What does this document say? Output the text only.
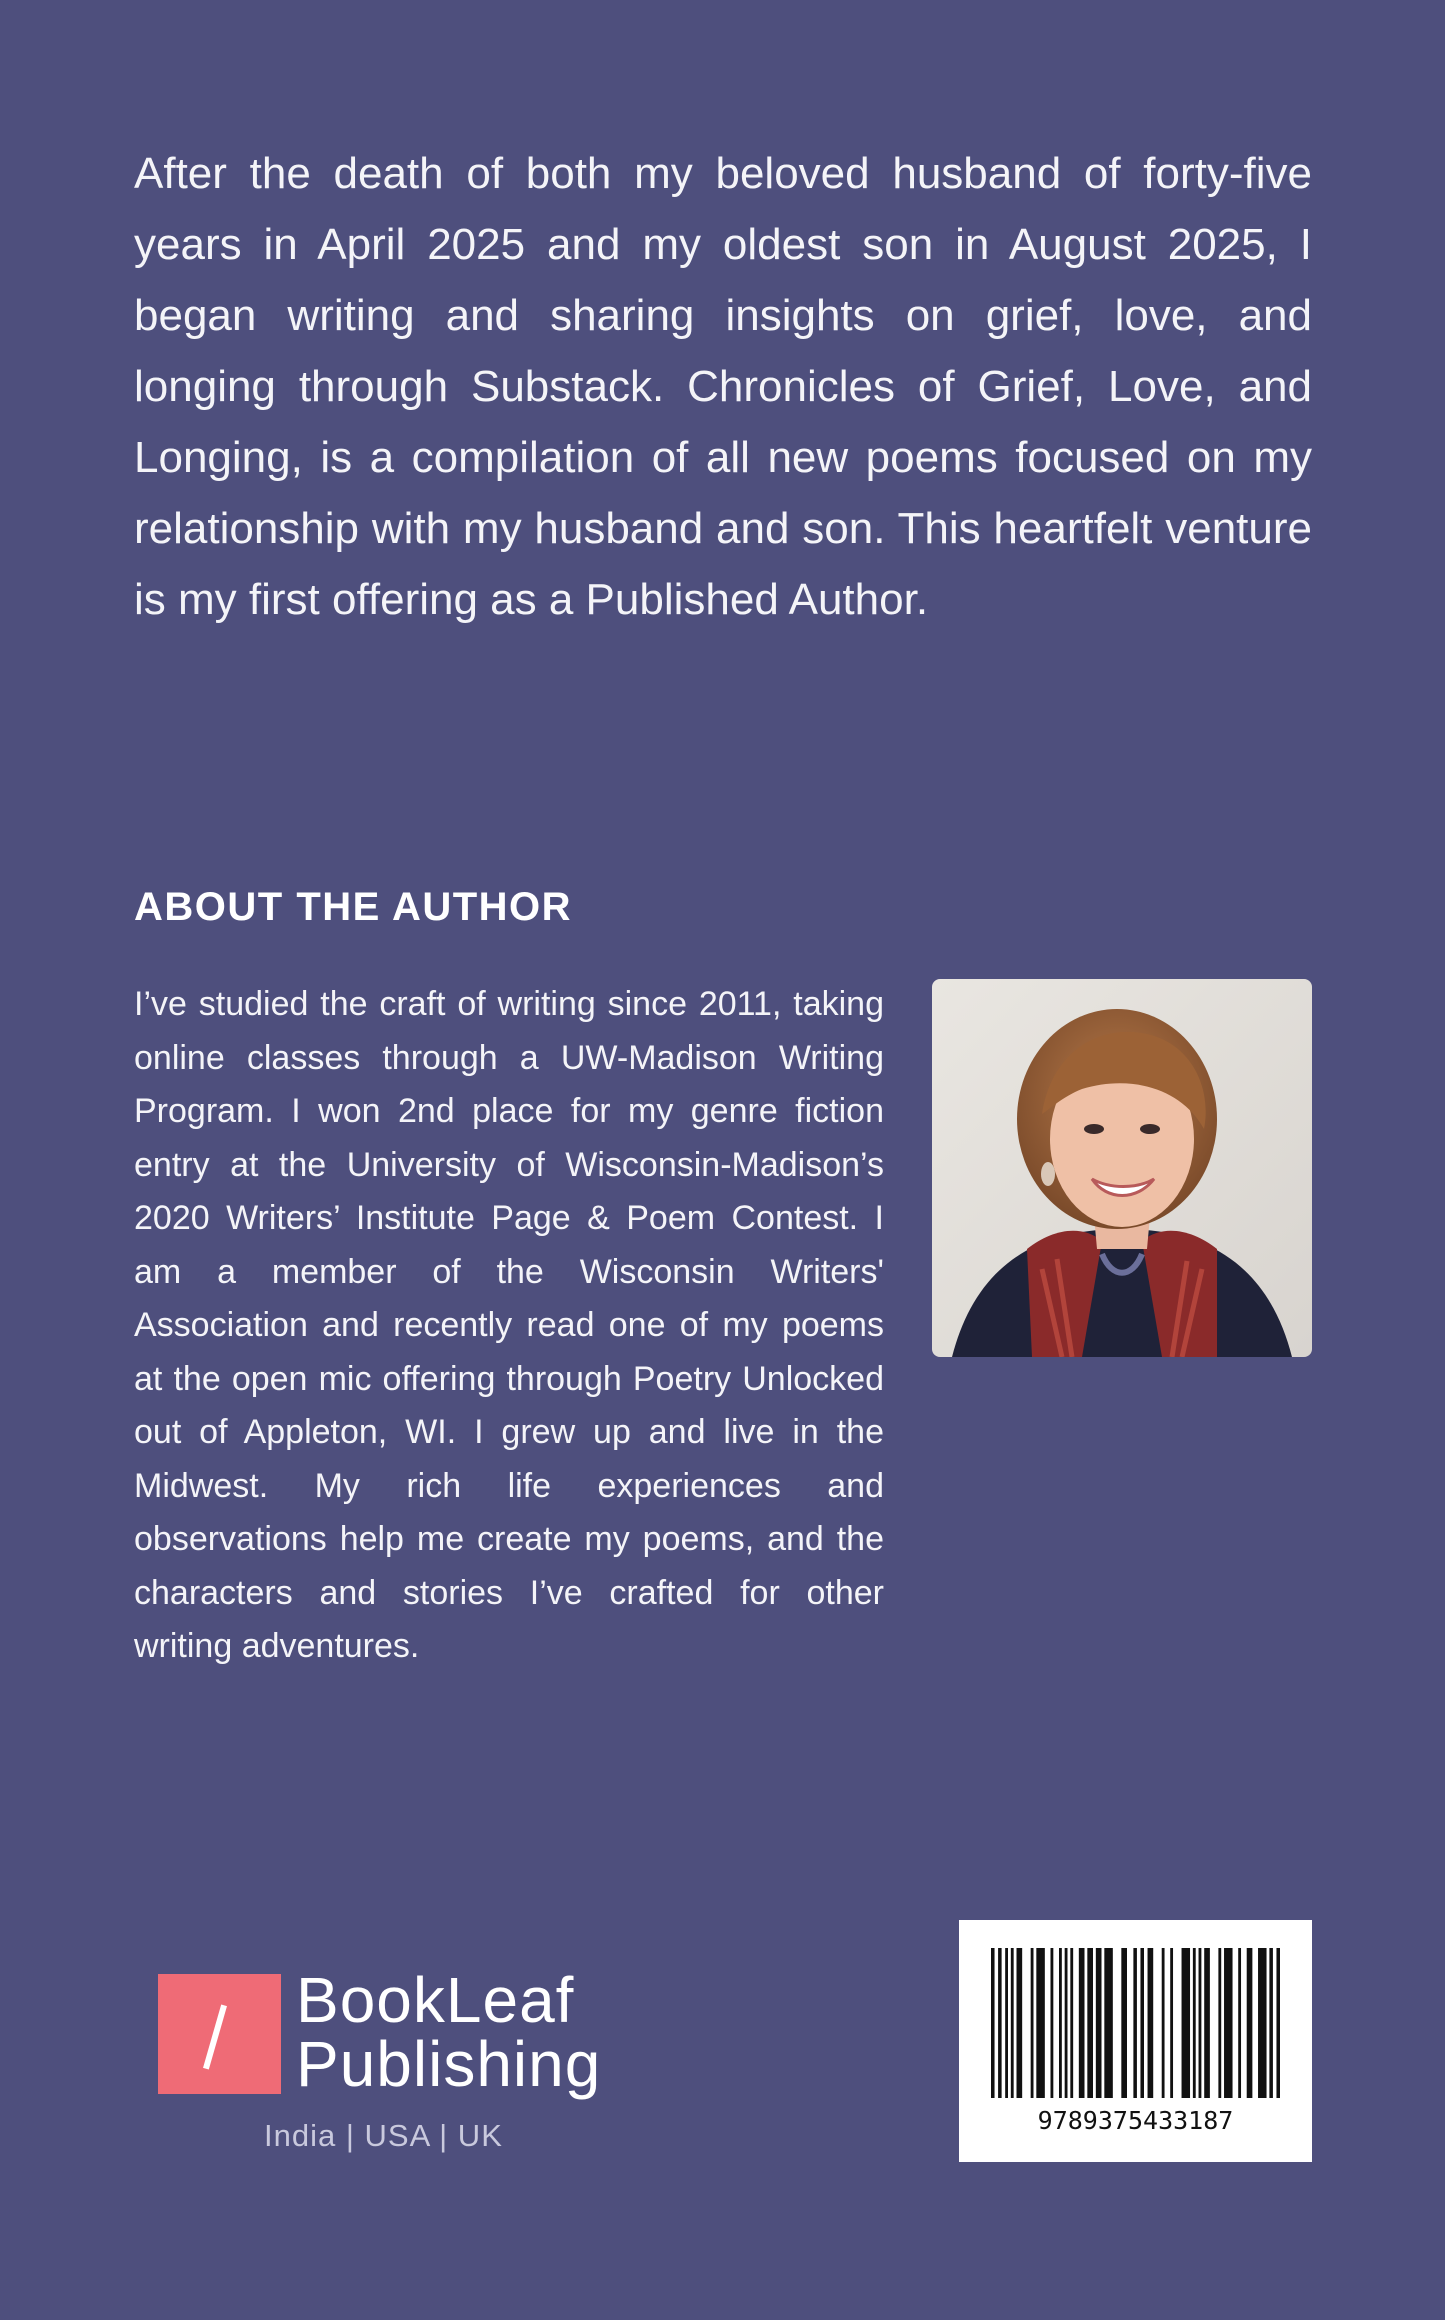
After the death of both my beloved husband of forty-five years in April 2025 and my oldest son in August 2025, I began writing and sharing insights on grief, love, and longing through Substack. Chronicles of Grief, Love, and Longing, is a compilation of all new poems focused on my relationship with my husband and son. This heartfelt venture is my first offering as a Published Author.

ABOUT THE AUTHOR

I’ve studied the craft of writing since 2011, taking online classes through a UW-Madison Writing Program. I won 2nd place for my genre fiction entry at the University of Wisconsin-Madison’s 2020 Writers’ Institute Page & Poem Contest. I am a member of the Wisconsin Writers' Association and recently read one of my poems at the open mic offering through Poetry Unlocked out of Appleton, WI. I grew up and live in the Midwest. My rich life experiences and observations help me create my poems, and the characters and stories I’ve crafted for other writing adventures.

BookLeaf
Publishing
India | USA | UK	9789375433187
